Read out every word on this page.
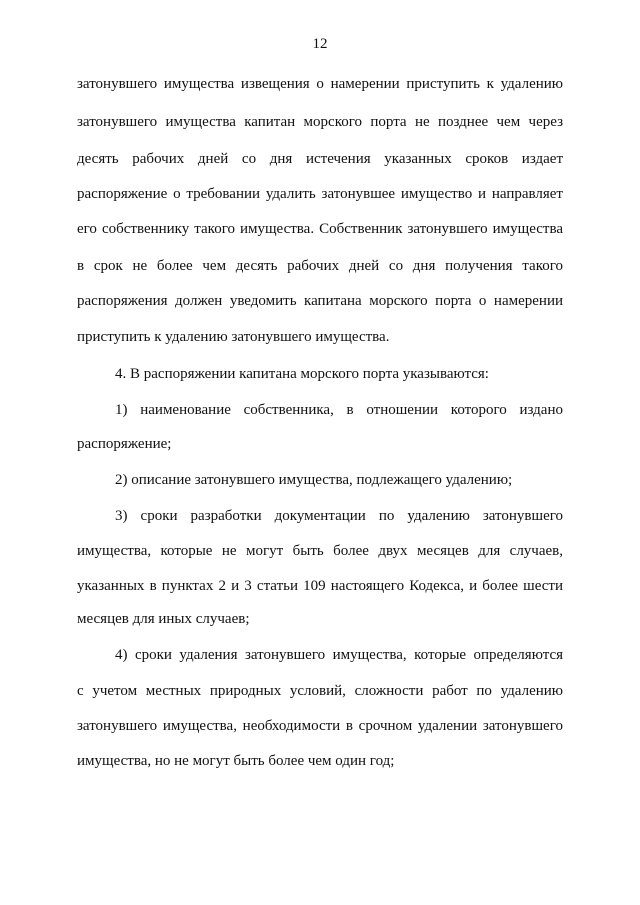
12
затонувшего имущества извещения о намерении приступить к удалению
затонувшего имущества капитан морского порта не позднее чем через
десять рабочих дней со дня истечения указанных сроков издает
распоряжение о требовании удалить затонувшее имущество и направляет
его собственнику такого имущества. Собственник затонувшего имущества
в срок не более чем десять рабочих дней со дня получения такого
распоряжения должен уведомить капитана морского порта о намерении
приступить к удалению затонувшего имущества.
4. В распоряжении капитана морского порта указываются:
1) наименование собственника, в отношении которого издано
распоряжение;
2) описание затонувшего имущества, подлежащего удалению;
3) сроки разработки документации по удалению затонувшего
имущества, которые не могут быть более двух месяцев для случаев,
указанных в пунктах 2 и 3 статьи 109 настоящего Кодекса, и более шести
месяцев для иных случаев;
4) сроки удаления затонувшего имущества, которые определяются
с учетом местных природных условий, сложности работ по удалению
затонувшего имущества, необходимости в срочном удалении затонувшего
имущества, но не могут быть более чем один год;
